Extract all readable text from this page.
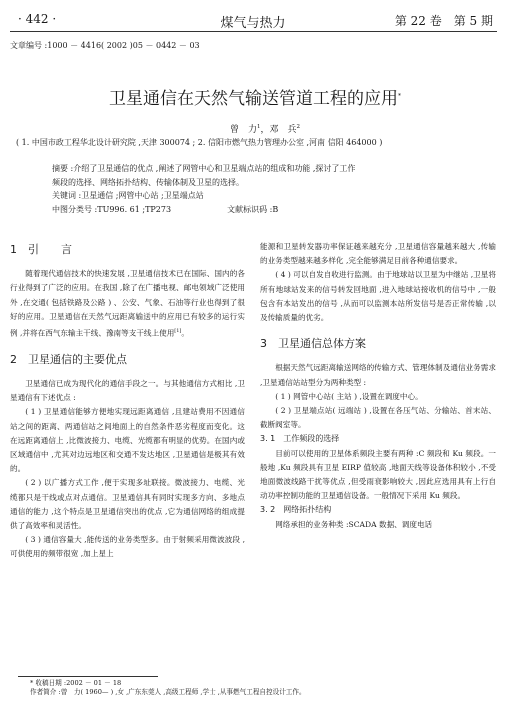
· 442 ·	煤气与热力	第 22 卷　第 5 期
文章编号 :1000 － 4416( 2002 )05 － 0442 － 03
卫星通信在天然气输送管道工程的应用*
曾　力$^1$，邓　兵$^2$
( 1. 中国市政工程华北设计研究院 ,天津 300074 ; 2. 信阳市燃气热力管理办公室 ,河南 信阳 464000 )

摘要 :介绍了卫星通信的优点 ,阐述了网管中心和卫星端点站的组成和功能 ,探讨了工作

频段的选择、网络拓扑结构、传输体制及卫星的选择。

关键词 :卫星通信 ;网管中心站 ;卫星端点站

中图分类号 :TU996. 61 ;TP273	文献标识码 :B

1　引　　言

随着现代通信技术的快速发展 ,卫星通信技术已在国际、国内的各行业得到了广泛的应用。在我国 ,除了在广播电视、邮电领域广泛使用外 ,在交通( 包括铁路及公路 ) 、公安、气象、石油等行业也得到了很好的应用。卫星通信在天然气远距离输送中的应用已有较多的运行实例 ,并将在西气东输主干线、豫南等支干线上使用[1]。

2　卫星通信的主要优点

卫星通信已成为现代化的通信手段之一。与其他通信方式相比 ,卫星通信有下述优点 :

( 1 ) 卫星通信能够方便地实现远距离通信 ,且建站费用不因通信站之间的距离、两通信站之间地面上的自然条件恶劣程度而变化。这在远距离通信上 ,比微波接力、电缆、光缆都有明显的优势。在国内或区域通信中 ,尤其对边远地区和交通不发达地区 ,卫星通信是极其有效的。

( 2 ) 以广播方式工作 ,便于实现多址联接。微波接力、电缆、光缆都只是干线或点对点通信。卫星通信具有同时实现多方向、多地点通信的能力 ,这个特点是卫星通信突出的优点 ,它为通信网络的组成提供了高效率和灵活性。

( 3 ) 通信容量大 ,能传送的业务类型多。由于射频采用微波波段 ,可供使用的频带很宽 ,加上星上

能源和卫星转发器功率保证越来越充分 ,卫星通信容量越来越大 ,传输的业务类型越来越多样化 ,完全能够满足目前各种通信要求。

( 4 ) 可以自发自收进行监测。由于地球站以卫星为中继站 ,卫星将所有地球站发来的信号转发回地面 ,进入地球站接收机的信号中 ,一般包含有本站发出的信号 ,从而可以监测本站所发信号是否正常传输 ,以及传输质量的优劣。

3　卫星通信总体方案

根据天然气远距离输送网络的传输方式、管理体制及通信业务需求 ,卫星通信站站型分为两种类型 :

( 1 ) 网管中心站( 主站 ) ,设置在调度中心。

( 2 ) 卫星端点站( 远端站 ) ,设置在各压气站、分输站、首末站、截断阀室等。

3. 1　工作频段的选择

目前可以使用的卫星体系频段主要有两种 :C 频段和 Ku 频段。一般地 ,Ku 频段具有卫星 EIRP 值较高 ,地面天线等设备体积较小 ,不受地面微波线路干扰等优点 ,但受雨衰影响较大 ,因此应选用具有上行自动功率控制功能的卫星通信设备。一般情况下采用 Ku 频段。

3. 2　网络拓扑结构

网络承担的业务种类 :SCADA 数据、调度电话

* 收稿日期 :2002 － 01 － 18
作者简介 :曾　力( 1960— ) ,女 ,广东东莞人 ,高级工程师 ,学士 ,从事燃气工程自控设计工作。
